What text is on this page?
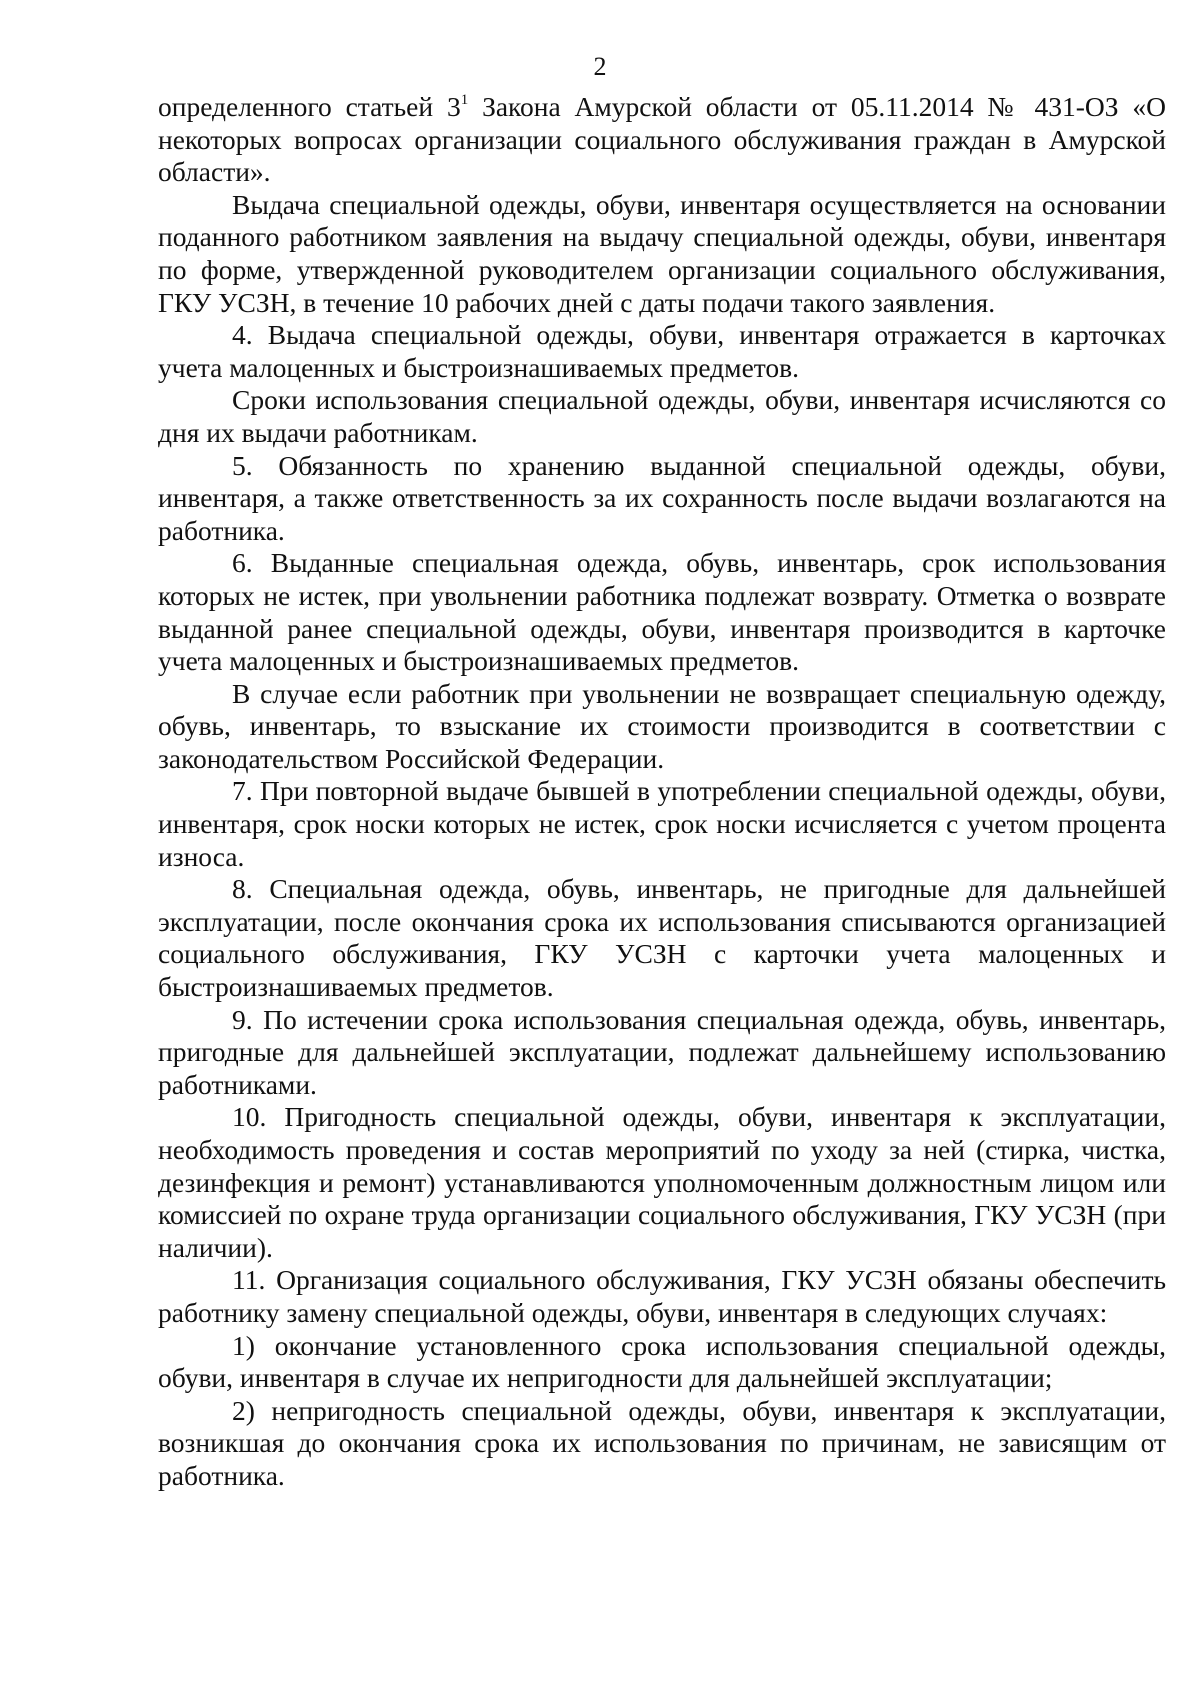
2

определенного статьей $3^1$ Закона Амурской области от 05.11.2014 № 431-ОЗ «О некоторых вопросах организации социального обслуживания граждан в Амурской области».

Выдача специальной одежды, обуви, инвентаря осуществляется на основании поданного работником заявления на выдачу специальной одежды, обуви, инвентаря по форме, утвержденной руководителем организации социального обслуживания, ГКУ УСЗН, в течение 10 рабочих дней с даты подачи такого заявления.

4. Выдача специальной одежды, обуви, инвентаря отражается в карточках учета малоценных и быстроизнашиваемых предметов.

Сроки использования специальной одежды, обуви, инвентаря исчисляются со дня их выдачи работникам.

5. Обязанность по хранению выданной специальной одежды, обуви, инвентаря, а также ответственность за их сохранность после выдачи возлагаются на работника.

6. Выданные специальная одежда, обувь, инвентарь, срок использования которых не истек, при увольнении работника подлежат возврату. Отметка о возврате выданной ранее специальной одежды, обуви, инвентаря производится в карточке учета малоценных и быстроизнашиваемых предметов.

В случае если работник при увольнении не возвращает специальную одежду, обувь, инвентарь, то взыскание их стоимости производится в соответствии с законодательством Российской Федерации.

7. При повторной выдаче бывшей в употреблении специальной одежды, обуви, инвентаря, срок носки которых не истек, срок носки исчисляется с учетом процента износа.

8. Специальная одежда, обувь, инвентарь, не пригодные для дальнейшей эксплуатации, после окончания срока их использования списываются организацией социального обслуживания, ГКУ УСЗН с карточки учета малоценных и быстроизнашиваемых предметов.

9. По истечении срока использования специальная одежда, обувь, инвентарь, пригодные для дальнейшей эксплуатации, подлежат дальнейшему использованию работниками.

10. Пригодность специальной одежды, обуви, инвентаря к эксплуатации, необходимость проведения и состав мероприятий по уходу за ней (стирка, чистка, дезинфекция и ремонт) устанавливаются уполномоченным должностным лицом или комиссией по охране труда организации социального обслуживания, ГКУ УСЗН (при наличии).

11. Организация социального обслуживания, ГКУ УСЗН обязаны обеспечить работнику замену специальной одежды, обуви, инвентаря в следующих случаях:

1) окончание установленного срока использования специальной одежды, обуви, инвентаря в случае их непригодности для дальнейшей эксплуатации;

2) непригодность специальной одежды, обуви, инвентаря к эксплуатации, возникшая до окончания срока их использования по причинам, не зависящим от работника.
